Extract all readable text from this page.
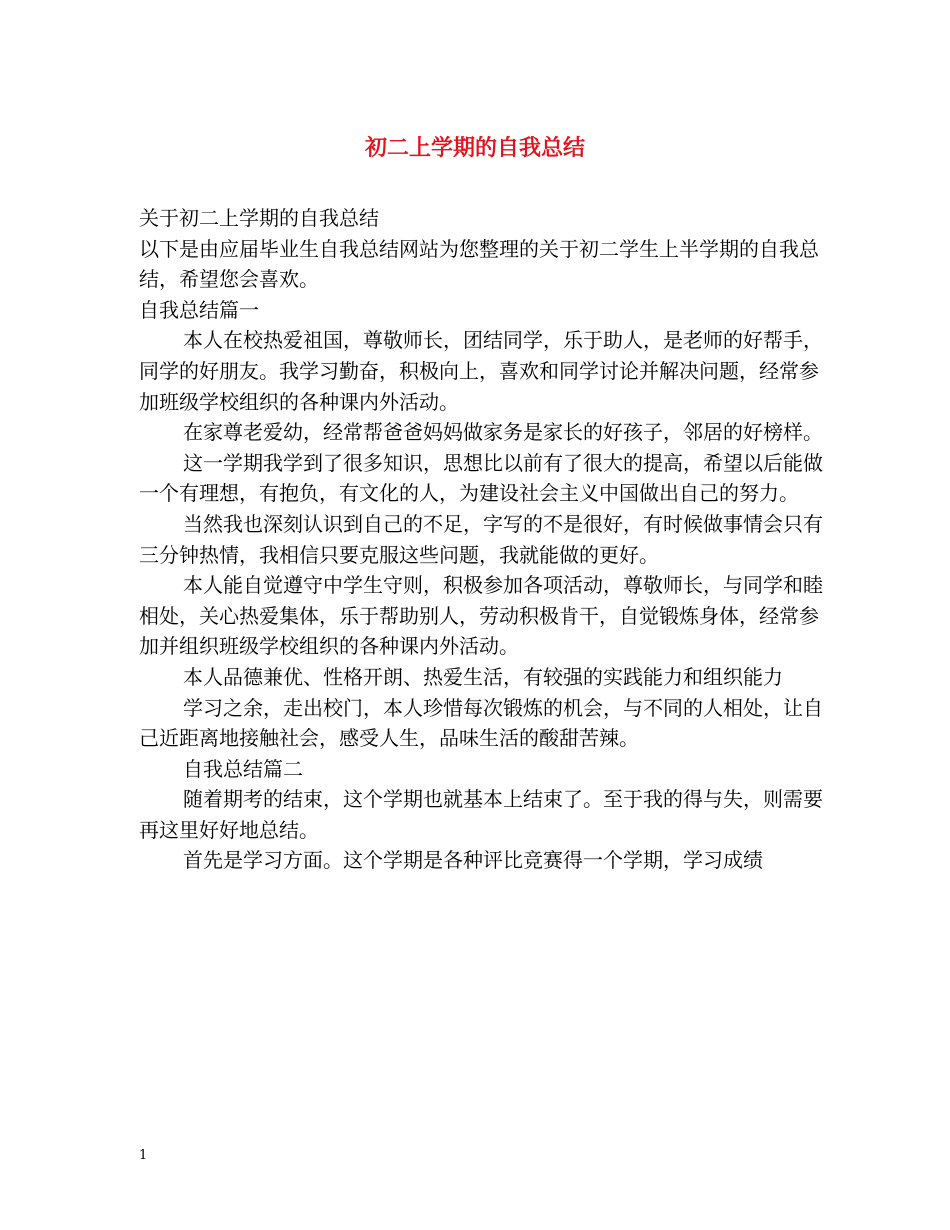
初二上学期的自我总结

关于初二上学期的自我总结

以下是由应届毕业生自我总结网站为您整理的关于初二学生上半学期的自我总结，希望您会喜欢。

自我总结篇一

本人在校热爱祖国，尊敬师长，团结同学，乐于助人，是老师的好帮手，同学的好朋友。我学习勤奋，积极向上，喜欢和同学讨论并解决问题，经常参加班级学校组织的各种课内外活动。

在家尊老爱幼，经常帮爸爸妈妈做家务是家长的好孩子，邻居的好榜样。

这一学期我学到了很多知识，思想比以前有了很大的提高，希望以后能做一个有理想，有抱负，有文化的人，为建设社会主义中国做出自己的努力。

当然我也深刻认识到自己的不足，字写的不是很好，有时候做事情会只有三分钟热情，我相信只要克服这些问题，我就能做的更好。

本人能自觉遵守中学生守则，积极参加各项活动，尊敬师长，与同学和睦相处，关心热爱集体，乐于帮助别人，劳动积极肯干，自觉锻炼身体，经常参加并组织班级学校组织的各种课内外活动。

本人品德兼优、性格开朗、热爱生活，有较强的实践能力和组织能力

学习之余，走出校门，本人珍惜每次锻炼的机会，与不同的人相处，让自己近距离地接触社会，感受人生，品味生活的酸甜苦辣。

自我总结篇二

随着期考的结束，这个学期也就基本上结束了。至于我的得与失，则需要再这里好好地总结。

首先是学习方面。这个学期是各种评比竞赛得一个学期，学习成绩

1
